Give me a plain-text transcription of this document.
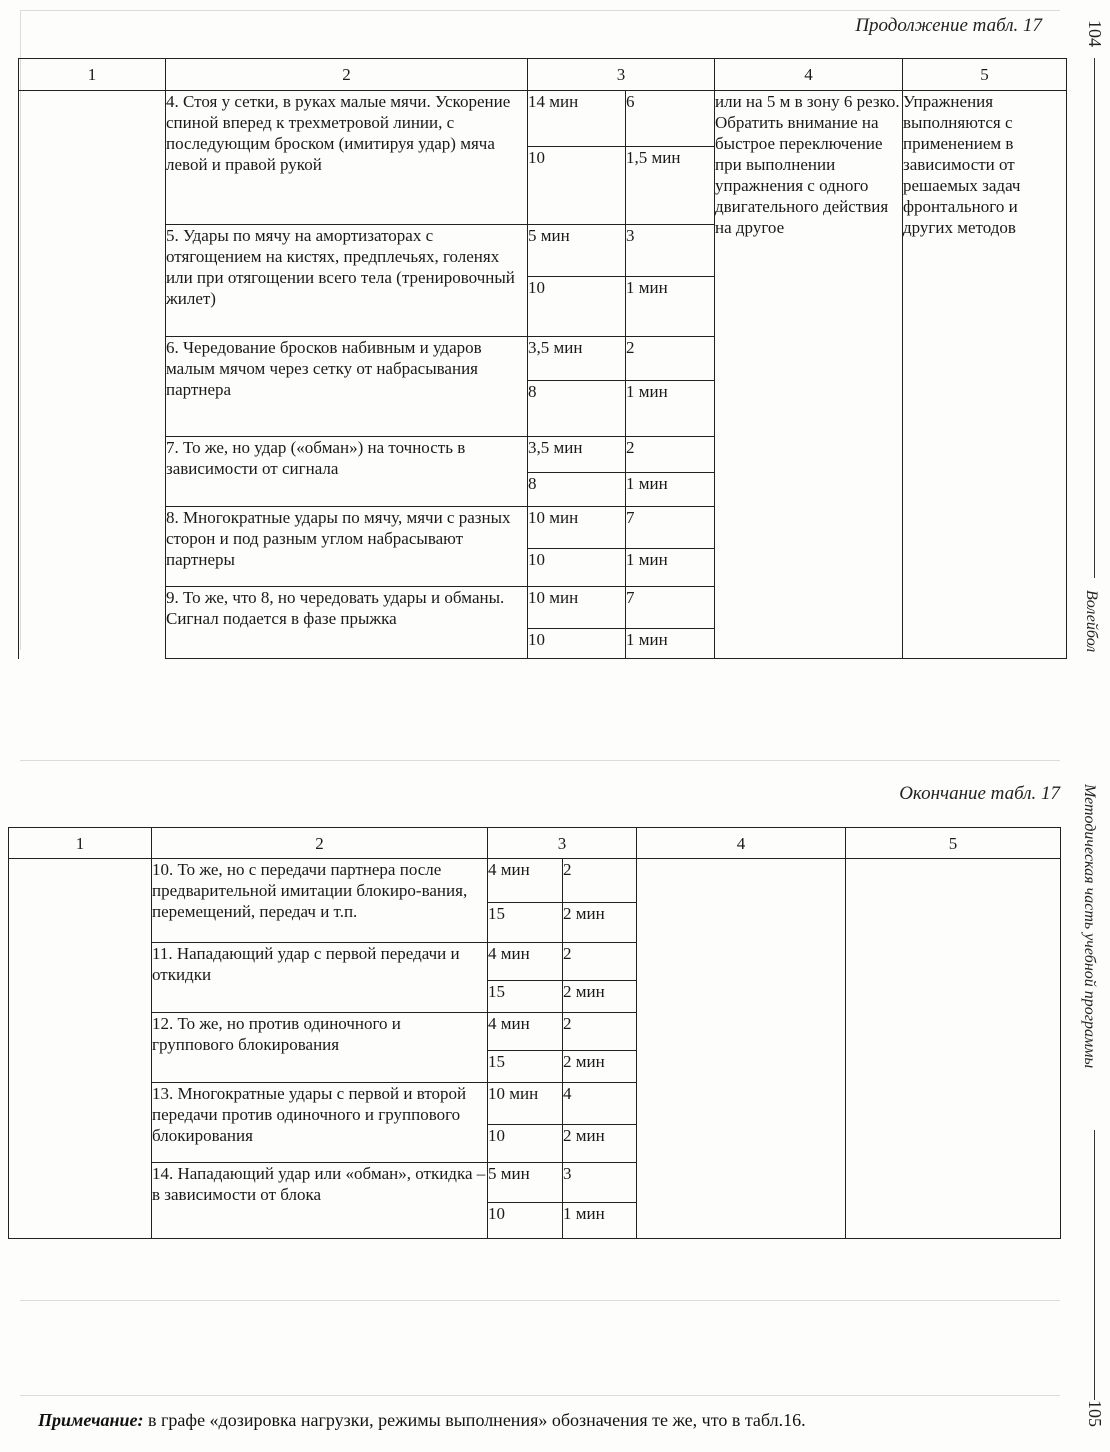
Продолжение табл. 17 104
Волейбол
1	2	3		4	5
	4. Стоя у сетки, в руках малые мячи. Ускорение спиной вперед к трехметровой линии, с последующим броском (имитируя удар) мяча левой и правой рукой	14 мин	6	или на 5 м в зону 6 резко. Обратить внимание на быстрое переключение при выполнении упражнения с одного двигательного действия на другое	Упражнения выполняются с применением в зависимости от решаемых задач фронтального и других методов
		10	1,5 мин		
	5. Удары по мячу на амортизаторах с отягощением на кистях, предплечьях, голенях или при отягощении всего тела (тренировочный жилет)	5 мин	3		
		10	1 мин		
	6. Чередование бросков набивным и ударов малым мячом через сетку от набрасывания партнера	3,5 мин	2		
		8	1 мин		
	7. То же, но удар («обман») на точность в зависимости от сигнала	3,5 мин	2		
		8	1 мин		
	8. Многократные удары по мячу, мячи с разных сторон и под разным углом набрасывают партнеры	10 мин	7		
		10	1 мин		
	9. То же, что 8, но чередовать удары и обманы. Сигнал подается в фазе прыжка	10 мин	7		
		10	1 мин		
Окончание табл. 17 Методическая часть учебной программы
105
1	2	3		4	5
	10. То же, но с передачи партнера после предварительной имитации блокиро-вания, перемещений, передач и т.п.	4 мин	2		
		15	2 мин		
	11. Нападающий удар с первой передачи и откидки	4 мин	2		
		15	2 мин		
	12. То же, но против одиночного и группового блокирования	4 мин	2		
		15	2 мин		
	13. Многократные удары с первой и второй передачи против одиночного и группового блокирования	10 мин	4		
		10	2 мин		
	14. Нападающий удар или «обман», откидка – в зависимости от блока	5 мин	3		
		10	1 мин		
Примечание: в графе «дозировка нагрузки, режимы выполнения» обозначения те же, что в табл.16.
